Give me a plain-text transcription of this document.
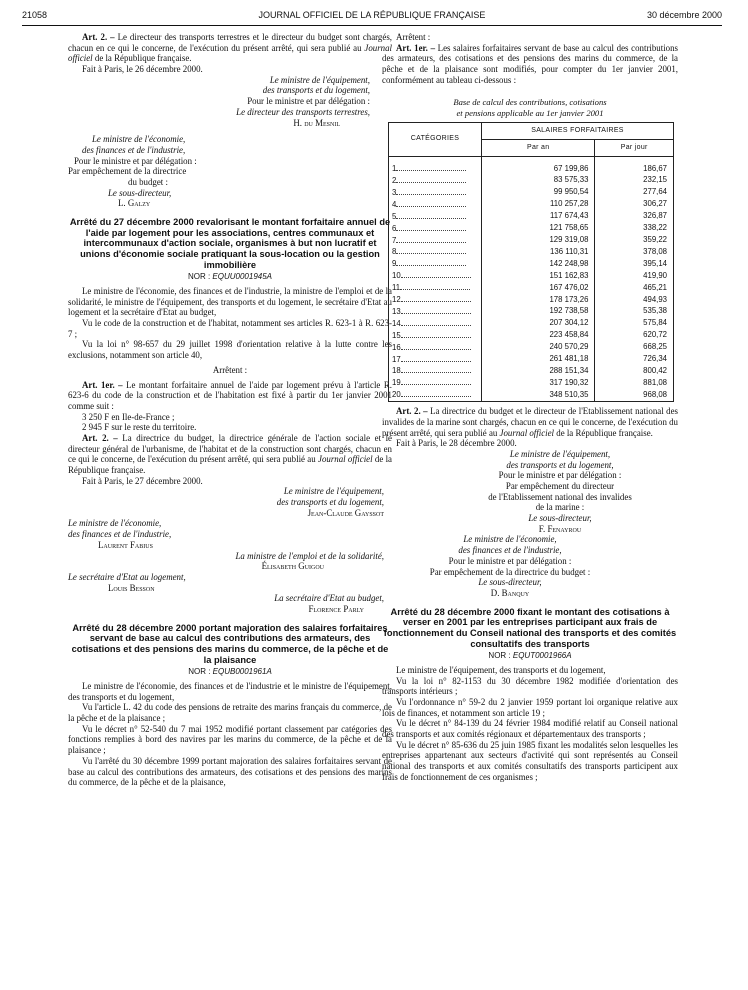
21058	JOURNAL OFFICIEL DE LA RÉPUBLIQUE FRANÇAISE	30 décembre 2000

Art. 2. – Le directeur des transports terrestres et le directeur du budget sont chargés, chacun en ce qui le concerne, de l'exécution du présent arrêté, qui sera publié au Journal officiel de la République française.

Fait à Paris, le 26 décembre 2000.

Le ministre de l'équipement,

des transports et du logement,

Pour le ministre et par délégation :

Le directeur des transports terrestres,

H. du Mesnil

Le ministre de l'économie,

des finances et de l'industrie,

Pour le ministre et par délégation :

Par empêchement de la directrice

du budget :

Le sous-directeur,

L. Galzy

Arrêté du 27 décembre 2000 revalorisant le montant forfaitaire annuel de l'aide par logement pour les associations, centres communaux et intercommunaux d'action sociale, organismes à but non lucratif et unions d'économie sociale pratiquant la sous-location ou la gestion immobilière
NOR : EQUU0001945A

Le ministre de l'économie, des finances et de l'industrie, la ministre de l'emploi et de la solidarité, le ministre de l'équipement, des transports et du logement, le secrétaire d'Etat au logement et la secrétaire d'Etat au budget,

Vu le code de la construction et de l'habitat, notamment ses articles R. 623-1 à R. 623-7 ;

Vu la loi n° 98-657 du 29 juillet 1998 d'orientation relative à la lutte contre les exclusions, notamment son article 40,

Arrêtent :

Art. 1er. – Le montant forfaitaire annuel de l'aide par logement prévu à l'article R. 623-6 du code de la construction et de l'habitation est fixé à partir du 1er janvier 2001 comme suit :

3 250 F en Ile-de-France ;

2 945 F sur le reste du territoire.

Art. 2. – La directrice du budget, la directrice générale de l'action sociale et le directeur général de l'urbanisme, de l'habitat et de la construction sont chargés, chacun en ce qui le concerne, de l'exécution du présent arrêté, qui sera publié au Journal officiel de la République française.

Fait à Paris, le 27 décembre 2000.

Le ministre de l'équipement,

des transports et du logement,

Jean-Claude Gayssot

Le ministre de l'économie,

des finances et de l'industrie,

Laurent Fabius

La ministre de l'emploi et de la solidarité,

Élisabeth Guigou

Le secrétaire d'Etat au logement,

Louis Besson

La secrétaire d'Etat au budget,

Florence Parly

Arrêté du 28 décembre 2000 portant majoration des salaires forfaitaires servant de base au calcul des contributions des armateurs, des cotisations et des pensions des marins du commerce, de la pêche et de la plaisance
NOR : EQUB0001961A

Le ministre de l'économie, des finances et de l'industrie et le ministre de l'équipement, des transports et du logement,

Vu l'article L. 42 du code des pensions de retraite des marins français du commerce, de la pêche et de la plaisance ;

Vu le décret n° 52-540 du 7 mai 1952 modifié portant classement par catégories des fonctions remplies à bord des navires par les marins du commerce, de la pêche et de la plaisance ;

Vu l'arrêté du 30 décembre 1999 portant majoration des salaires forfaitaires servant de base au calcul des contributions des armateurs, des cotisations et des pensions des marins du commerce, de la pêche et de la plaisance,

Arrêtent :

Art. 1er. – Les salaires forfaitaires servant de base au calcul des contributions des armateurs, des cotisations et des pensions des marins du commerce, de la pêche et de la plaisance sont modifiés, pour compter du 1er janvier 2001, conformément au tableau ci-dessous :

Base de calcul des contributions, cotisations
et pensions applicable au 1er janvier 2001
CATÉGORIES	SALAIRES FORFAITAIRES	
	Par an	Par jour
1	67 199,86	186,67
2	83 575,33	232,15
3	99 950,54	277,64
4	110 257,28	306,27
5	117 674,43	326,87
6	121 758,65	338,22
7	129 319,08	359,22
8	136 110,31	378,08
9	142 248,98	395,14
10	151 162,83	419,90
11	167 476,02	465,21
12	178 173,26	494,93
13	192 738,58	535,38
14	207 304,12	575,84
15	223 458,84	620,72
16	240 570,29	668,25
17	261 481,18	726,34
18	288 151,34	800,42
19	317 190,32	881,08
20	348 510,35	968,08

Art. 2. – La directrice du budget et le directeur de l'Etablissement national des invalides de la marine sont chargés, chacun en ce qui le concerne, de l'exécution du présent arrêté, qui sera publié au Journal officiel de la République française.

Fait à Paris, le 28 décembre 2000.

Le ministre de l'équipement,

des transports et du logement,

Pour le ministre et par délégation :

Par empêchement du directeur

de l'Etablissement national des invalides

de la marine :

Le sous-directeur,

F. Fenayrou

Le ministre de l'économie,

des finances et de l'industrie,

Pour le ministre et par délégation :

Par empêchement de la directrice du budget :

Le sous-directeur,

D. Banquy

Arrêté du 28 décembre 2000 fixant le montant des cotisations à verser en 2001 par les entreprises participant aux frais de fonctionnement du Conseil national des transports et des comités consultatifs des transports
NOR : EQUT0001966A

Le ministre de l'équipement, des transports et du logement,

Vu la loi n° 82-1153 du 30 décembre 1982 modifiée d'orientation des transports intérieurs ;

Vu l'ordonnance n° 59-2 du 2 janvier 1959 portant loi organique relative aux lois de finances, et notamment son article 19 ;

Vu le décret n° 84-139 du 24 février 1984 modifié relatif au Conseil national des transports et aux comités régionaux et départementaux des transports ;

Vu le décret n° 85-636 du 25 juin 1985 fixant les modalités selon lesquelles les entreprises appartenant aux secteurs d'activité qui sont représentés au Conseil national des transports et aux comités consultatifs des transports participent aux frais de fonctionnement de ces organismes ;
